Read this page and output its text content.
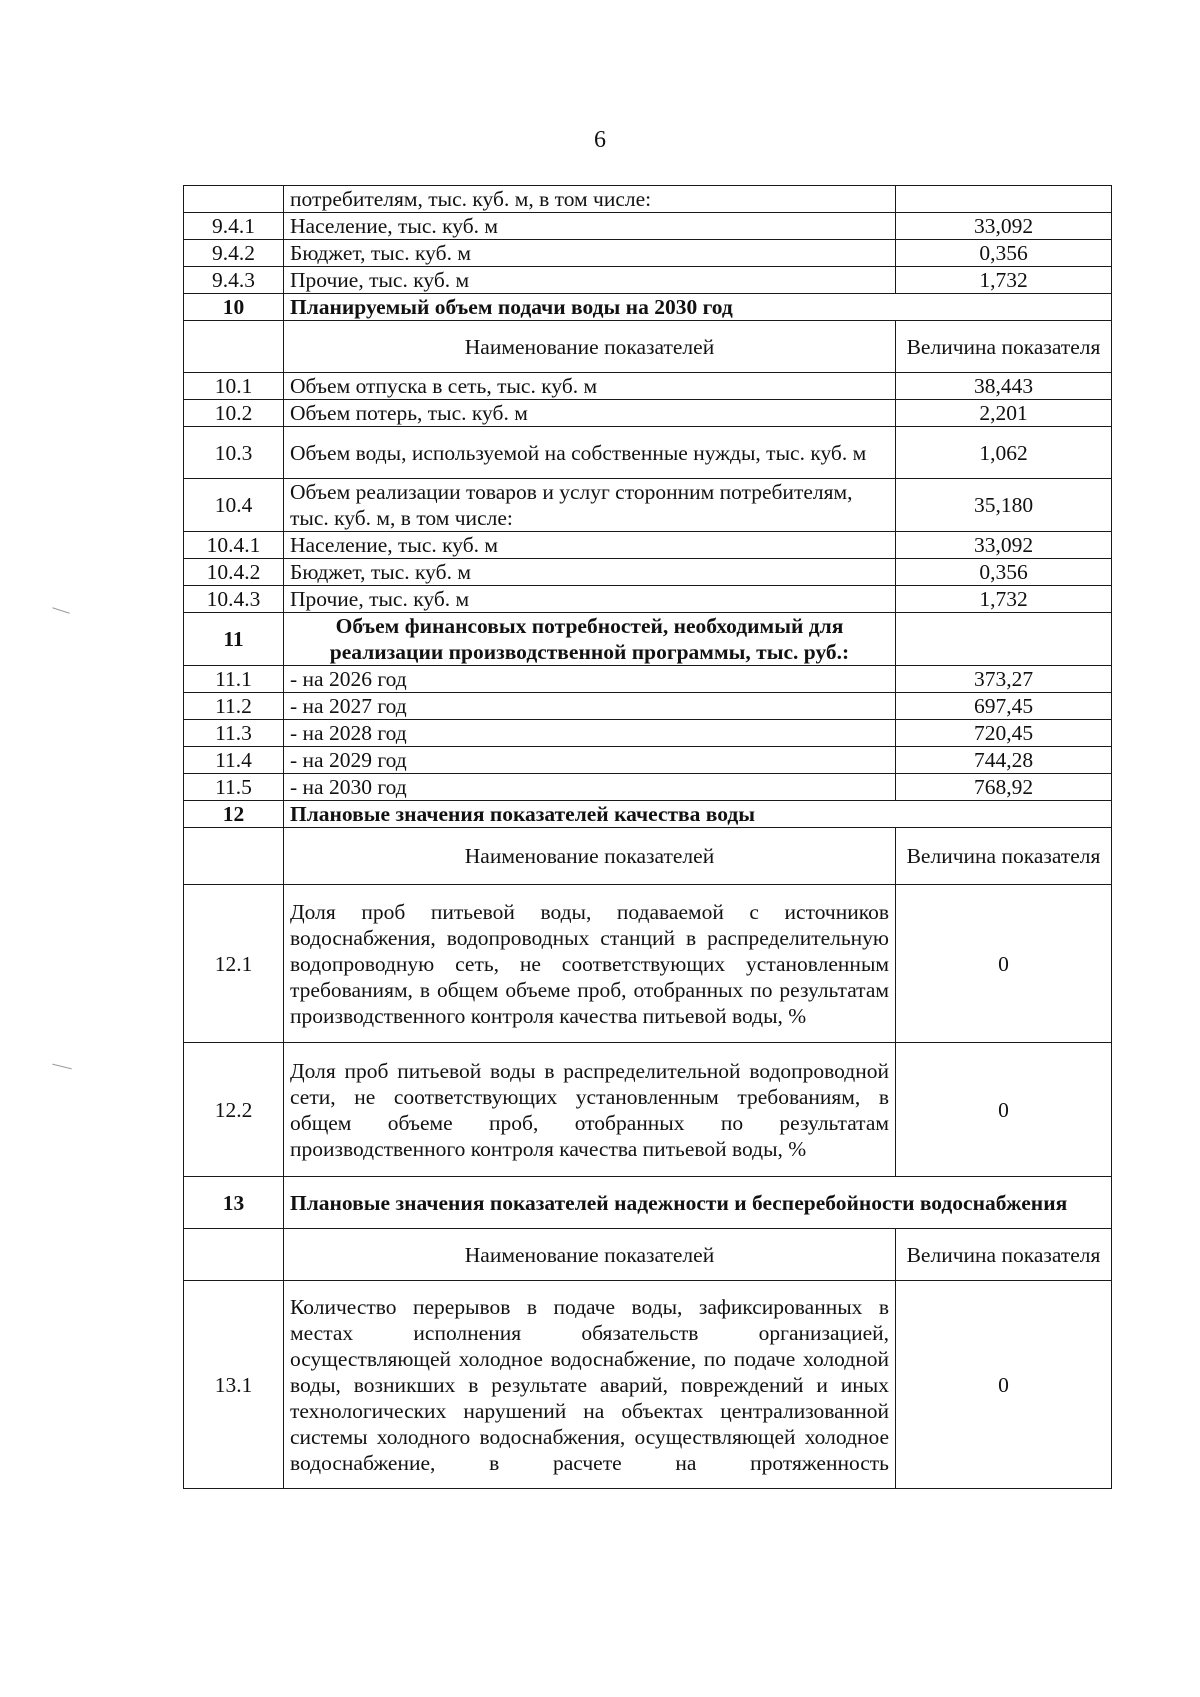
6
	потребителям, тыс. куб. м, в том числе:	
9.4.1	Население, тыс. куб. м	33,092
9.4.2	Бюджет, тыс. куб. м	0,356
9.4.3	Прочие, тыс. куб. м	1,732
10	Планируемый объем подачи воды на 2030 год	
	Наименование показателей	Величина показателя
10.1	Объем отпуска в сеть, тыс. куб. м	38,443
10.2	Объем потерь, тыс. куб. м	2,201
10.3	Объем воды, используемой на собственные нужды, тыс. куб. м	1,062
10.4	Объем реализации товаров и услуг сторонним потребителям, тыс. куб. м, в том числе:	35,180
10.4.1	Население, тыс. куб. м	33,092
10.4.2	Бюджет, тыс. куб. м	0,356
10.4.3	Прочие, тыс. куб. м	1,732
11	Объем финансовых потребностей, необходимый для реализации производственной программы, тыс. руб.:	
11.1	- на 2026 год	373,27
11.2	- на 2027 год	697,45
11.3	- на 2028 год	720,45
11.4	- на 2029 год	744,28
11.5	- на 2030 год	768,92
12	Плановые значения показателей качества воды	
	Наименование показателей	Величина показателя
12.1	Доля проб питьевой воды, подаваемой с источников водоснабжения, водопроводных станций в распределительную водопроводную сеть, не соответствующих установленным требованиям, в общем объеме проб, отобранных по результатам производственного контроля качества питьевой воды, %	0
12.2	Доля проб питьевой воды в распределительной водопроводной сети, не соответствующих установленным требованиям, в общем объеме проб, отобранных по результатам производственного контроля качества питьевой воды, %	0
13	Плановые значения показателей надежности и бесперебойности водоснабжения	
	Наименование показателей	Величина показателя
13.1	Количество перерывов в подаче воды, зафиксированных в местах исполнения обязательств организацией, осуществляющей холодное водоснабжение, по подаче холодной воды, возникших в результате аварий, повреждений и иных технологических нарушений на объектах централизованной системы холодного водоснабжения, осуществляющей холодное водоснабжение, в расчете на протяженность	0
